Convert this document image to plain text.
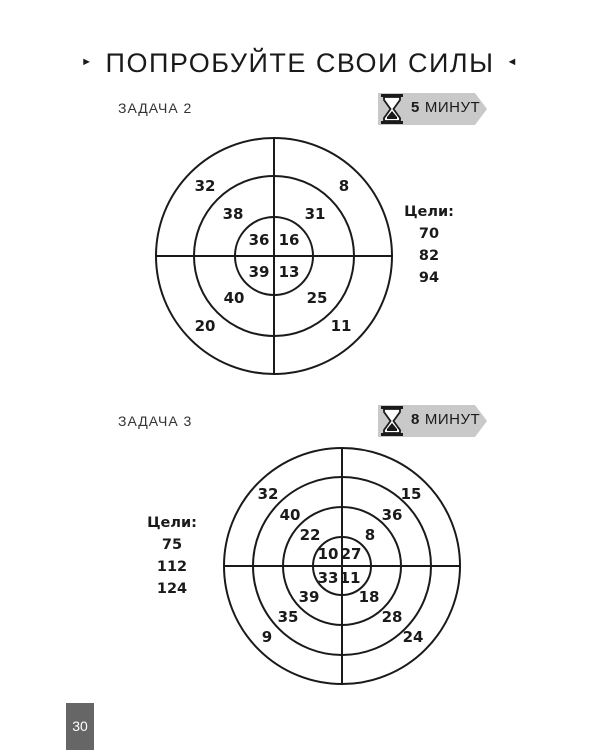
► ПОПРОБУЙТЕ СВОИ СИЛЫ ◄
ЗАДАЧА 2	5 МИНУТ
32	8
38	31
36 16
39 13
40	25
20	11
Цели:
70
82
94
ЗАДАЧА 3	8 МИНУТ
32	15
40	36
22	8
10 27
33 11
39	18
35	28
9	24
Цели:
75
112
124
30
